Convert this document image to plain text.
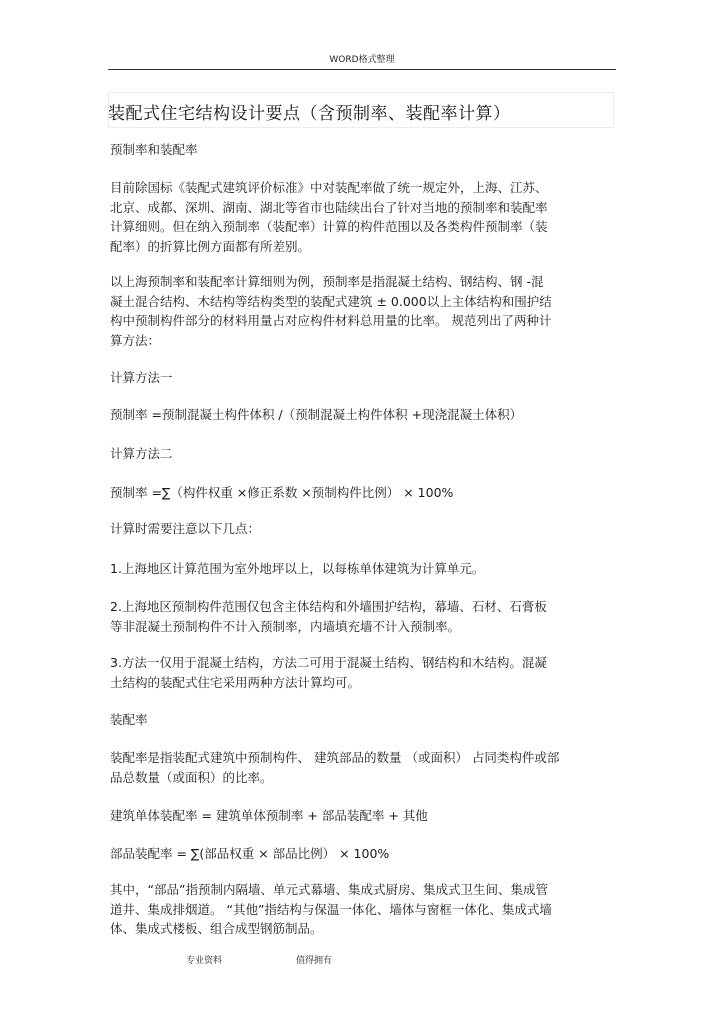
WORD格式整理
装配式住宅结构设计要点（含预制率、装配率计算）
预制率和装配率
目前除国标《装配式建筑评价标准》中对装配率做了统一规定外，上海、江苏、
北京、成都、深圳、湖南、湖北等省市也陆续出台了针对当地的预制率和装配率
计算细则。但在纳入预制率（装配率）计算的构件范围以及各类构件预制率（装
配率）的折算比例方面都有所差别。
以上海预制率和装配率计算细则为例，预制率是指混凝土结构、钢结构、钢 -混
凝土混合结构、木结构等结构类型的装配式建筑 ± 0.000以上主体结构和围护结
构中预制构件部分的材料用量占对应构件材料总用量的比率。 规范列出了两种计
算方法：
计算方法一
预制率 =预制混凝土构件体积 /（预制混凝土构件体积 +现浇混凝土体积）
计算方法二
预制率 =∑（构件权重 ×修正系数 ×预制构件比例） × 100%
计算时需要注意以下几点：
1.上海地区计算范围为室外地坪以上，以每栋单体建筑为计算单元。
2.上海地区预制构件范围仅包含主体结构和外墙围护结构，幕墙、石材、石膏板
等非混凝土预制构件不计入预制率，内墙填充墙不计入预制率。
3.方法一仅用于混凝土结构，方法二可用于混凝土结构、钢结构和木结构。混凝
土结构的装配式住宅采用两种方法计算均可。
装配率
装配率是指装配式建筑中预制构件、 建筑部品的数量 （或面积） 占同类构件或部
品总数量（或面积）的比率。
建筑单体装配率 = 建筑单体预制率 + 部品装配率 + 其他
部品装配率 = ∑(部品权重 × 部品比例） × 100%
其中，“部品”指预制内隔墙、单元式幕墙、集成式厨房、集成式卫生间、集成管
道井、集成排烟道。 “其他”指结构与保温一体化、墙体与窗框一体化、集成式墙
体、集成式楼板、组合成型钢筋制品。
专业资料	值得拥有
